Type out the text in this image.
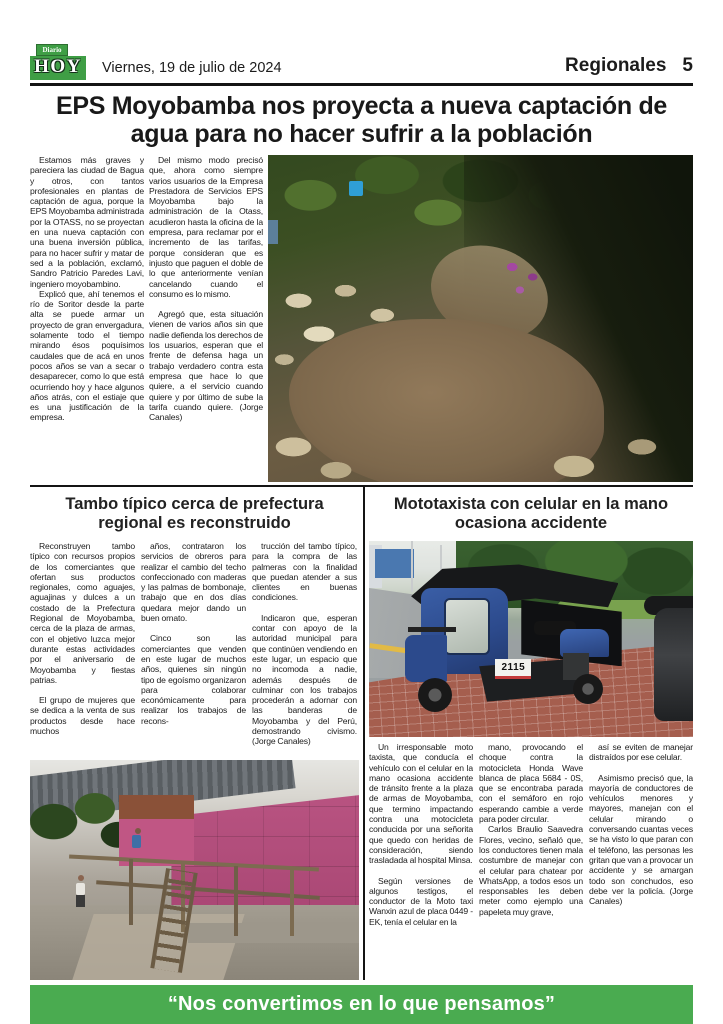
Diario
HOY Viernes, 19 de julio de 2024	Regionales 5
EPS Moyobamba nos proyecta a nueva captación de agua para no hacer sufrir a la población

Estamos más graves y pareciera las ciudad de Bagua y otros, con tantos profesionales en plantas de captación de agua, porque la EPS Moyobamba administrada por la OTASS, no se proyectan en una nueva captación con una buena inversión pública, para no hacer sufrir y matar de sed a la población, exclamó, Sandro Patricio Paredes Lavi, ingeniero moyobambino.

Explicó que, ahí tenemos el río de Soritor desde la parte alta se puede armar un proyecto de gran envergadura, solamente todo el tiempo mirando ésos poquísimos caudales que de acá en unos pocos años se van a secar o desaparecer, como lo que está ocurriendo hoy y hace algunos años atrás, con el estiaje que es una justificación de la empresa.

Del mismo modo precisó que, ahora como siempre varios usuarios de la Empresa Prestadora de Servicios EPS Moyobamba bajo la administración de la Otass, acudieron hasta la oficina de la empresa, para reclamar por el incremento de las tarifas, porque consideran que es injusto que paguen el doble de lo que anteriormente venían cancelando cuando el consumo es lo mismo.

Agregó que, esta situación vienen de varios años sin que nadie defienda los derechos de los usuarios, esperan que el frente de defensa haga un trabajo verdadero contra esta empresa que hace lo que quiere, a el servicio cuando quiere y por último de sube la tarifa cuando quiere. (Jorge Canales)

Tambo típico cerca de prefectura regional es reconstruido

Reconstruyen tambo típico con recursos propios de los comerciantes que ofertan sus productos regionales, como aguajes, aguajinas y dulces a un costado de la Prefectura Regional de Moyobamba, cerca de la plaza de armas, con el objetivo luzca mejor durante estas actividades por el aniversario de Moyobamba y fiestas patrias.

El grupo de mujeres que se dedica a la venta de sus productos desde hace muchos

años, contrataron los servicios de obreros para realizar el cambio del techo confeccionado con maderas y las palmas de bombonaje, trabajo que en dos días quedara mejor dando un buen ornato.

Cinco son las comerciantes que venden en este lugar de muchos años, quienes sin ningún tipo de egoísmo organizaron para colaborar económicamente para realizar los trabajos de recons-

trucción del tambo típico, para la compra de las palmeras con la finalidad que puedan atender a sus clientes en buenas condiciones.

Indicaron que, esperan contar con apoyo de la autoridad municipal para que continúen vendiendo en este lugar, un espacio que no incomoda a nadie, además después de culminar con los trabajos procederán a adornar con las banderas de Moyobamba y del Perú, demostrando civismo. (Jorge Canales)

Mototaxista con celular en la mano ocasiona accidente
2115

Un irresponsable moto taxista, que conducía el vehículo con el celular en la mano ocasiona accidente de tránsito frente a la plaza de armas de Moyobamba, que termino impactando contra una motocicleta conducida por una señorita que quedo con heridas de consideración, siendo trasladada al hospital Minsa.

Según versiones de algunos testigos, el conductor de la Moto taxi Wanxin azul de placa 0449 - EK, tenía el celular en la

mano, provocando el choque contra la motocicleta Honda Wave blanca de placa 5684 - 0S, que se encontraba parada con el semáforo en rojo esperando cambie a verde para poder circular.

Carlos Braulio Saavedra Flores, vecino, señaló que, los conductores tienen mala costumbre de manejar con el celular para chatear por WhatsApp, a todos esos un responsables les deben meter como ejemplo una papeleta muy grave,

así se eviten de manejar distraídos por ese celular.

Asimismo precisó que, la mayoría de conductores de vehículos menores y mayores, manejan con el celular mirando o conversando cuantas veces se ha visto lo que paran con el teléfono, las personas les gritan que van a provocar un accidente y se amargan todo son conchudos, eso debe ver la policía. (Jorge Canales)

“Nos convertimos en lo que pensamos”
